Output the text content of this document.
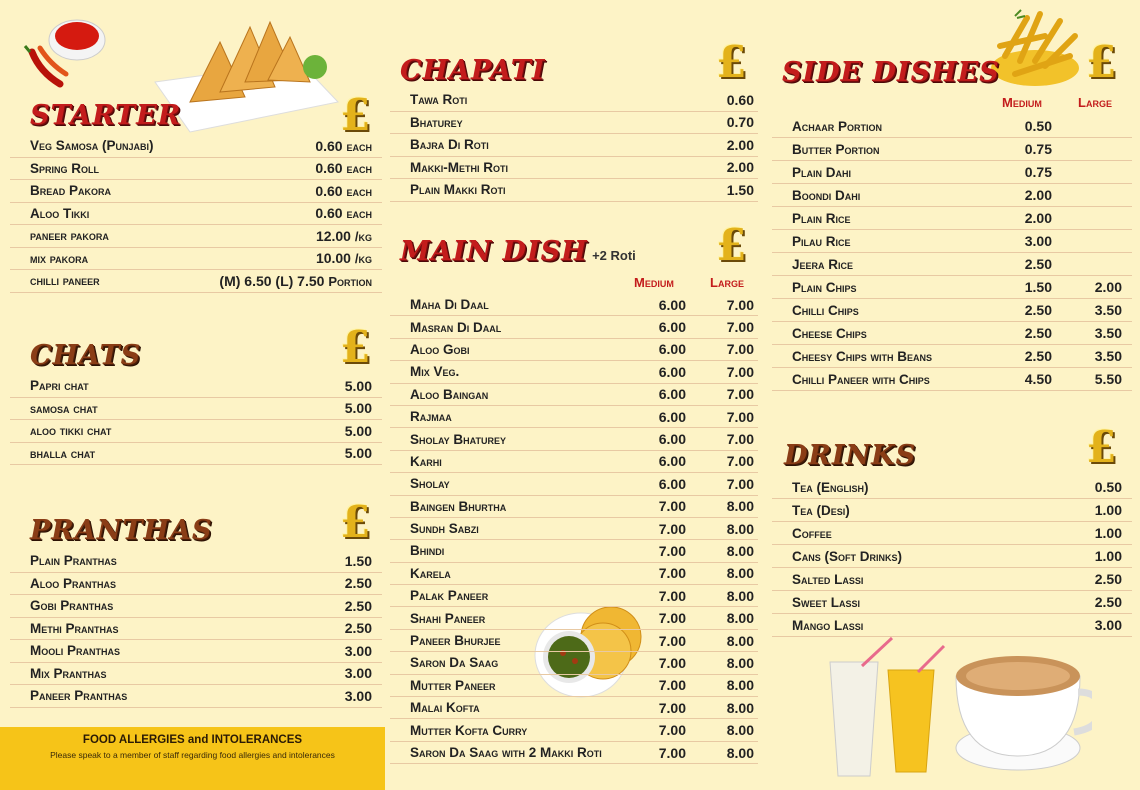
STARTER	£
Veg Samosa (Punjabi)	0.60 each
Spring Roll	0.60 each
Bread Pakora	0.60 each
Aloo Tikki	0.60 each
paneer pakora	12.00 /kg
mix pakora	10.00 /kg
chilli paneer	(M) 6.50 (L) 7.50 Portion
CHATS	£
Papri chat	5.00
samosa chat	5.00
aloo tikki chat	5.00
bhalla chat	5.00
PRANTHAS	£
Plain Pranthas	1.50
Aloo Pranthas	2.50
Gobi Pranthas	2.50
Methi Pranthas	2.50
Mooli Pranthas	3.00
Mix Pranthas	3.00
Paneer Pranthas	3.00
FOOD ALLERGIES and INTOLERANCES
Please speak to a member of staff regarding food allergies and intolerances
CHAPATI	£
Tawa Roti	0.60
Bhaturey	0.70
Bajra Di Roti	2.00
Makki-Methi Roti	2.00
Plain Makki Roti	1.50
MAIN DISH +2 Roti £
Medium	Large
Maha Di Daal	6.00	7.00
Masran Di Daal	6.00	7.00
Aloo Gobi	6.00	7.00
Mix Veg.	6.00	7.00
Aloo Baingan	6.00	7.00
Rajmaa	6.00	7.00
Sholay Bhaturey	6.00	7.00
Karhi	6.00	7.00
Sholay	6.00	7.00
Baingen Bhurtha	7.00	8.00
Sundh Sabzi	7.00	8.00
Bhindi	7.00	8.00
Karela	7.00	8.00
Palak Paneer	7.00	8.00
Shahi Paneer	7.00	8.00
Paneer Bhurjee	7.00	8.00
Saron Da Saag	7.00	8.00
Mutter Paneer	7.00	8.00
Malai Kofta	7.00	8.00
Mutter Kofta Curry	7.00	8.00
Saron Da Saag with 2 Makki Roti	7.00	8.00
SIDE DISHES £
Medium	Large
Achaar Portion	0.50
Butter Portion	0.75
Plain Dahi	0.75
Boondi Dahi	2.00
Plain Rice	2.00
Pilau Rice	3.00
Jeera Rice	2.50
Plain Chips	1.50	2.00
Chilli Chips	2.50	3.50
Cheese Chips	2.50	3.50
Cheesy Chips with Beans	2.50	3.50
Chilli Paneer with Chips	4.50	5.50
DRINKS	£
Tea (English)	0.50
Tea (Desi)	1.00
Coffee	1.00
Cans (Soft Drinks)	1.00
Salted Lassi	2.50
Sweet Lassi	2.50
Mango Lassi	3.00
